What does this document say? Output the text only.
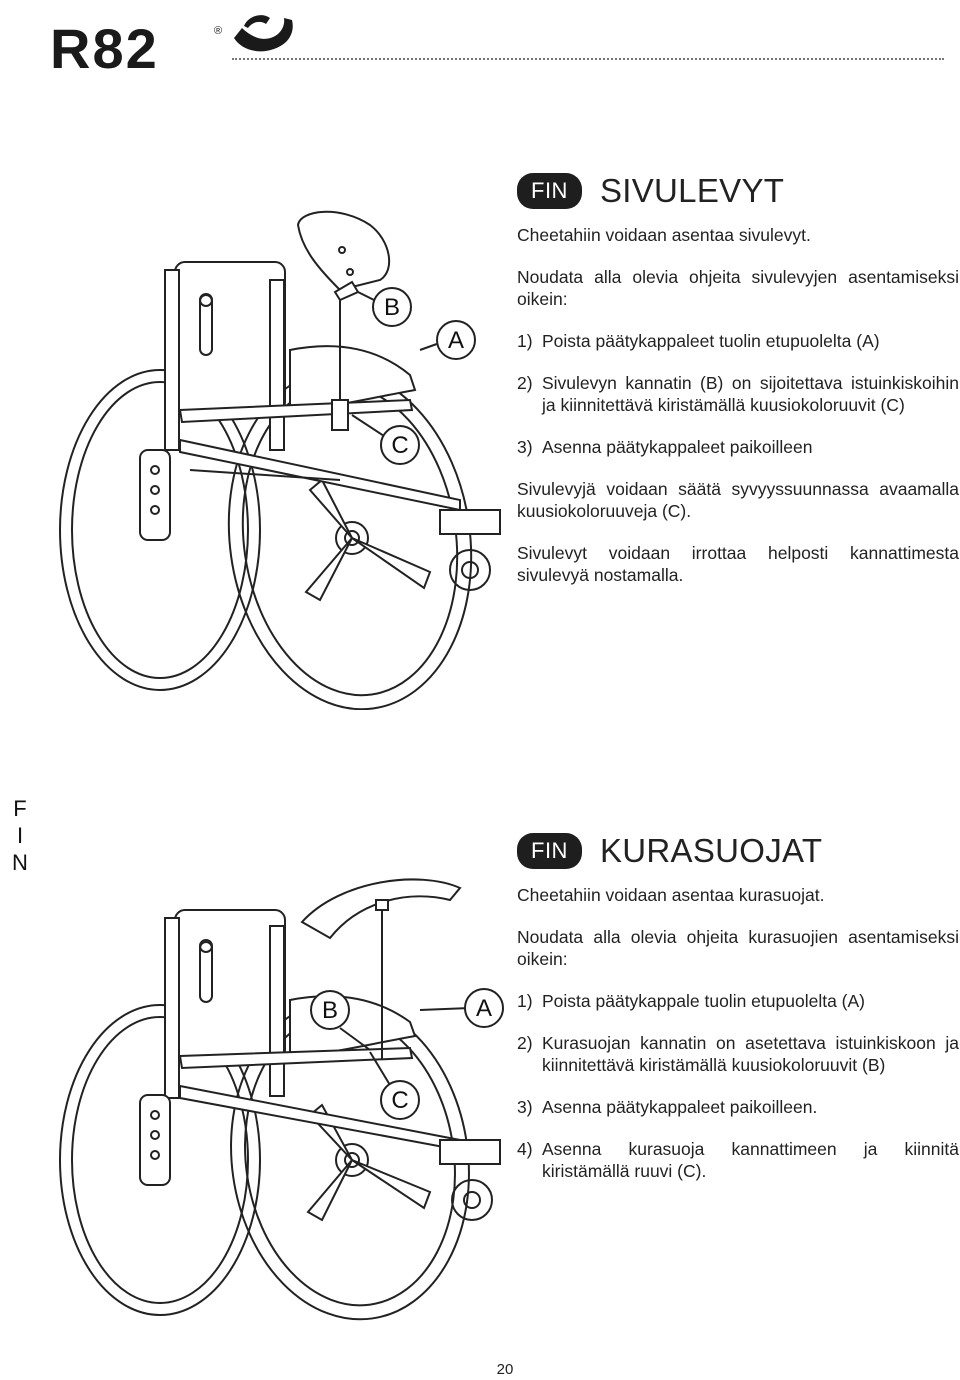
R82	®
F
I
N
B
A
C
B	A
C
FIN SIVULEVYT

Cheetahiin voidaan asentaa sivulevyt.

Noudata alla olevia ohjeita sivulevyjen asentamiseksi oikein:

1) Poista päätykappaleet tuolin etupuolelta (A)
2) Sivulevyn kannatin (B) on sijoitettava istuinkiskoihin ja kiinnitettävä kiristämällä kuusiokoloruuvit (C)
3) Asenna päätykappaleet paikoilleen

Sivulevyjä voidaan säätä syvyyssuunnassa avaamalla kuusiokoloruuveja (C).

Sivulevyt voidaan irrottaa helposti kannattimesta sivulevyä nostamalla.

FIN KURASUOJAT

Cheetahiin voidaan asentaa kurasuojat.

Noudata alla olevia ohjeita kurasuojien asentamiseksi oikein:

1) Poista päätykappale tuolin etupuolelta (A)
2) Kurasuojan kannatin on asetettava istuinkiskoon ja kiinnitettävä kiristämällä kuusiokoloruuvit (B)
3) Asenna päätykappaleet paikoilleen.
4) Asenna kurasuoja kannattimeen ja kiinnitä kiristämällä ruuvi (C).
20
